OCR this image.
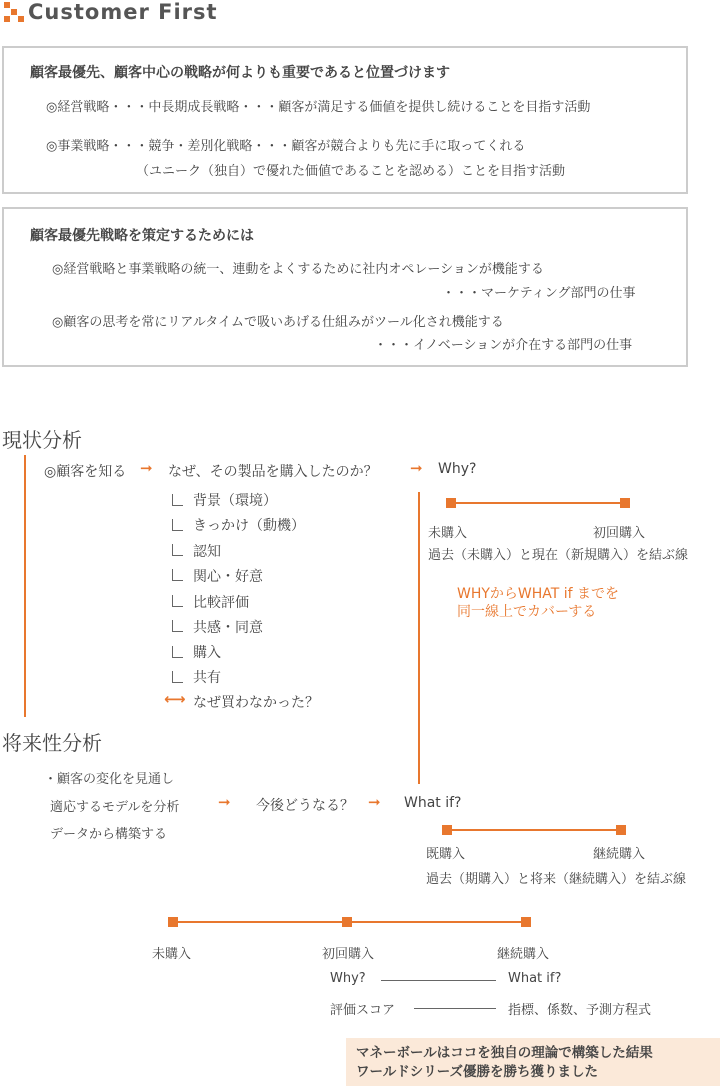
Customer First
顧客最優先、顧客中心の戦略が何よりも重要であると位置づけます
◎経営戦略・・・中長期成長戦略・・・顧客が満足する価値を提供し続けることを目指す活動
◎事業戦略・・・競争・差別化戦略・・・顧客が競合よりも先に手に取ってくれる
（ユニーク（独自）で優れた価値であることを認める）ことを目指す活動
顧客最優先戦略を策定するためには
◎経営戦略と事業戦略の統一、連動をよくするために社内オペレーションが機能する
・・・マーケティング部門の仕事
◎顧客の思考を常にリアルタイムで吸いあげる仕組みがツール化され機能する
・・・イノベーションが介在する部門の仕事
現状分析
◎顧客を知る ➞ なぜ、その製品を購入したのか？ ➞ Why?
背景（環境）
きっかけ（動機）
認知
関心・好意
比較評価
共感・同意
購入
共有
⟷ なぜ買わなかった？
未購入	初回購入
過去（未購入）と現在（新規購入）を結ぶ線
WHYからWHAT if までを
同一線上でカバーする
将来性分析
・顧客の変化を見通し
適応するモデルを分析
データから構築する
➞ 今後どうなる？ ➞ What if?
既購入	継続購入
過去（期購入）と将来（継続購入）を結ぶ線
未購入	初回購入	継続購入
Why?	What if?
評価スコア	指標、係数、予測方程式
マネーボールはココを独自の理論で構築した結果
ワールドシリーズ優勝を勝ち獲りました
